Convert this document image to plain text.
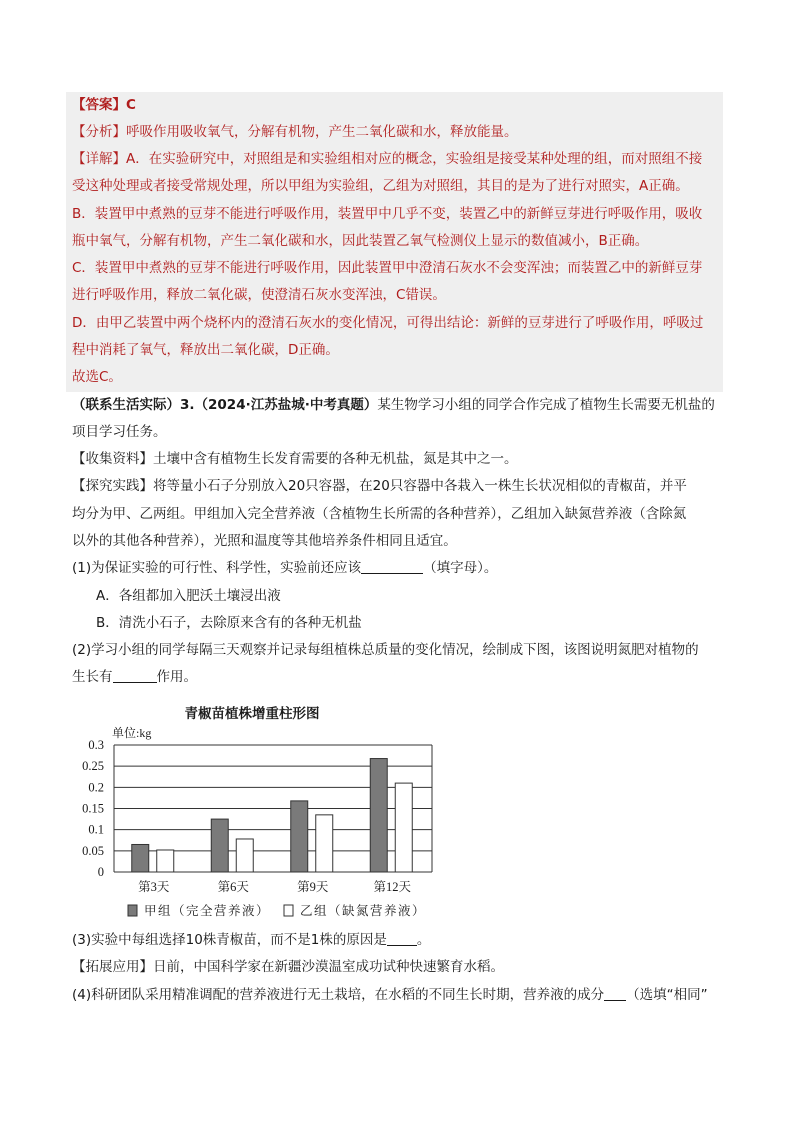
【答案】C
【分析】呼吸作用吸收氧气，分解有机物，产生二氧化碳和水，释放能量。
【详解】A．在实验研究中，对照组是和实验组相对应的概念，实验组是接受某种处理的组，而对照组不接
受这种处理或者接受常规处理，所以甲组为实验组，乙组为对照组，其目的是为了进行对照实，A正确。
B．装置甲中煮熟的豆芽不能进行呼吸作用，装置甲中几乎不变，装置乙中的新鲜豆芽进行呼吸作用，吸收
瓶中氧气，分解有机物，产生二氧化碳和水，因此装置乙氧气检测仪上显示的数值减小，B正确。
C．装置甲中煮熟的豆芽不能进行呼吸作用，因此装置甲中澄清石灰水不会变浑浊；而装置乙中的新鲜豆芽
进行呼吸作用，释放二氧化碳，使澄清石灰水变浑浊，C错误。
D．由甲乙装置中两个烧杯内的澄清石灰水的变化情况，可得出结论：新鲜的豆芽进行了呼吸作用，呼吸过
程中消耗了氧气，释放出二氧化碳，D正确。
故选C。
（联系生活实际）3.（2024·江苏盐城·中考真题）某生物学习小组的同学合作完成了植物生长需要无机盐的
项目学习任务。
【收集资料】土壤中含有植物生长发育需要的各种无机盐，氮是其中之一。
【探究实践】将等量小石子分别放入20只容器，在20只容器中各栽入一株生长状况相似的青椒苗，并平
均分为甲、乙两组。甲组加入完全营养液（含植物生长所需的各种营养），乙组加入缺氮营养液（含除氮
以外的其他各种营养），光照和温度等其他培养条件相同且适宜。
(1)为保证实验的可行性、科学性，实验前还应该	（填字母）。
A．各组都加入肥沃土壤浸出液
B．清洗小石子，去除原来含有的各种无机盐
(2)学习小组的同学每隔三天观察并记录每组植株总质量的变化情况，绘制成下图，该图说明氮肥对植物的
生长有	作用。
青椒苗植株增重柱形图
单位:kg
0.3
0.25
0.2
0.15
0.1
0.05
0
第3天	第6天	第9天	第12天
甲组（完全营养液） 乙组（缺氮营养液）
(3)实验中每组选择10株青椒苗，而不是1株的原因是 。
【拓展应用】日前，中国科学家在新疆沙漠温室成功试种快速繁育水稻。
(4)科研团队采用精准调配的营养液进行无土栽培，在水稻的不同生长时期，营养液的成分 （选填“相同”
